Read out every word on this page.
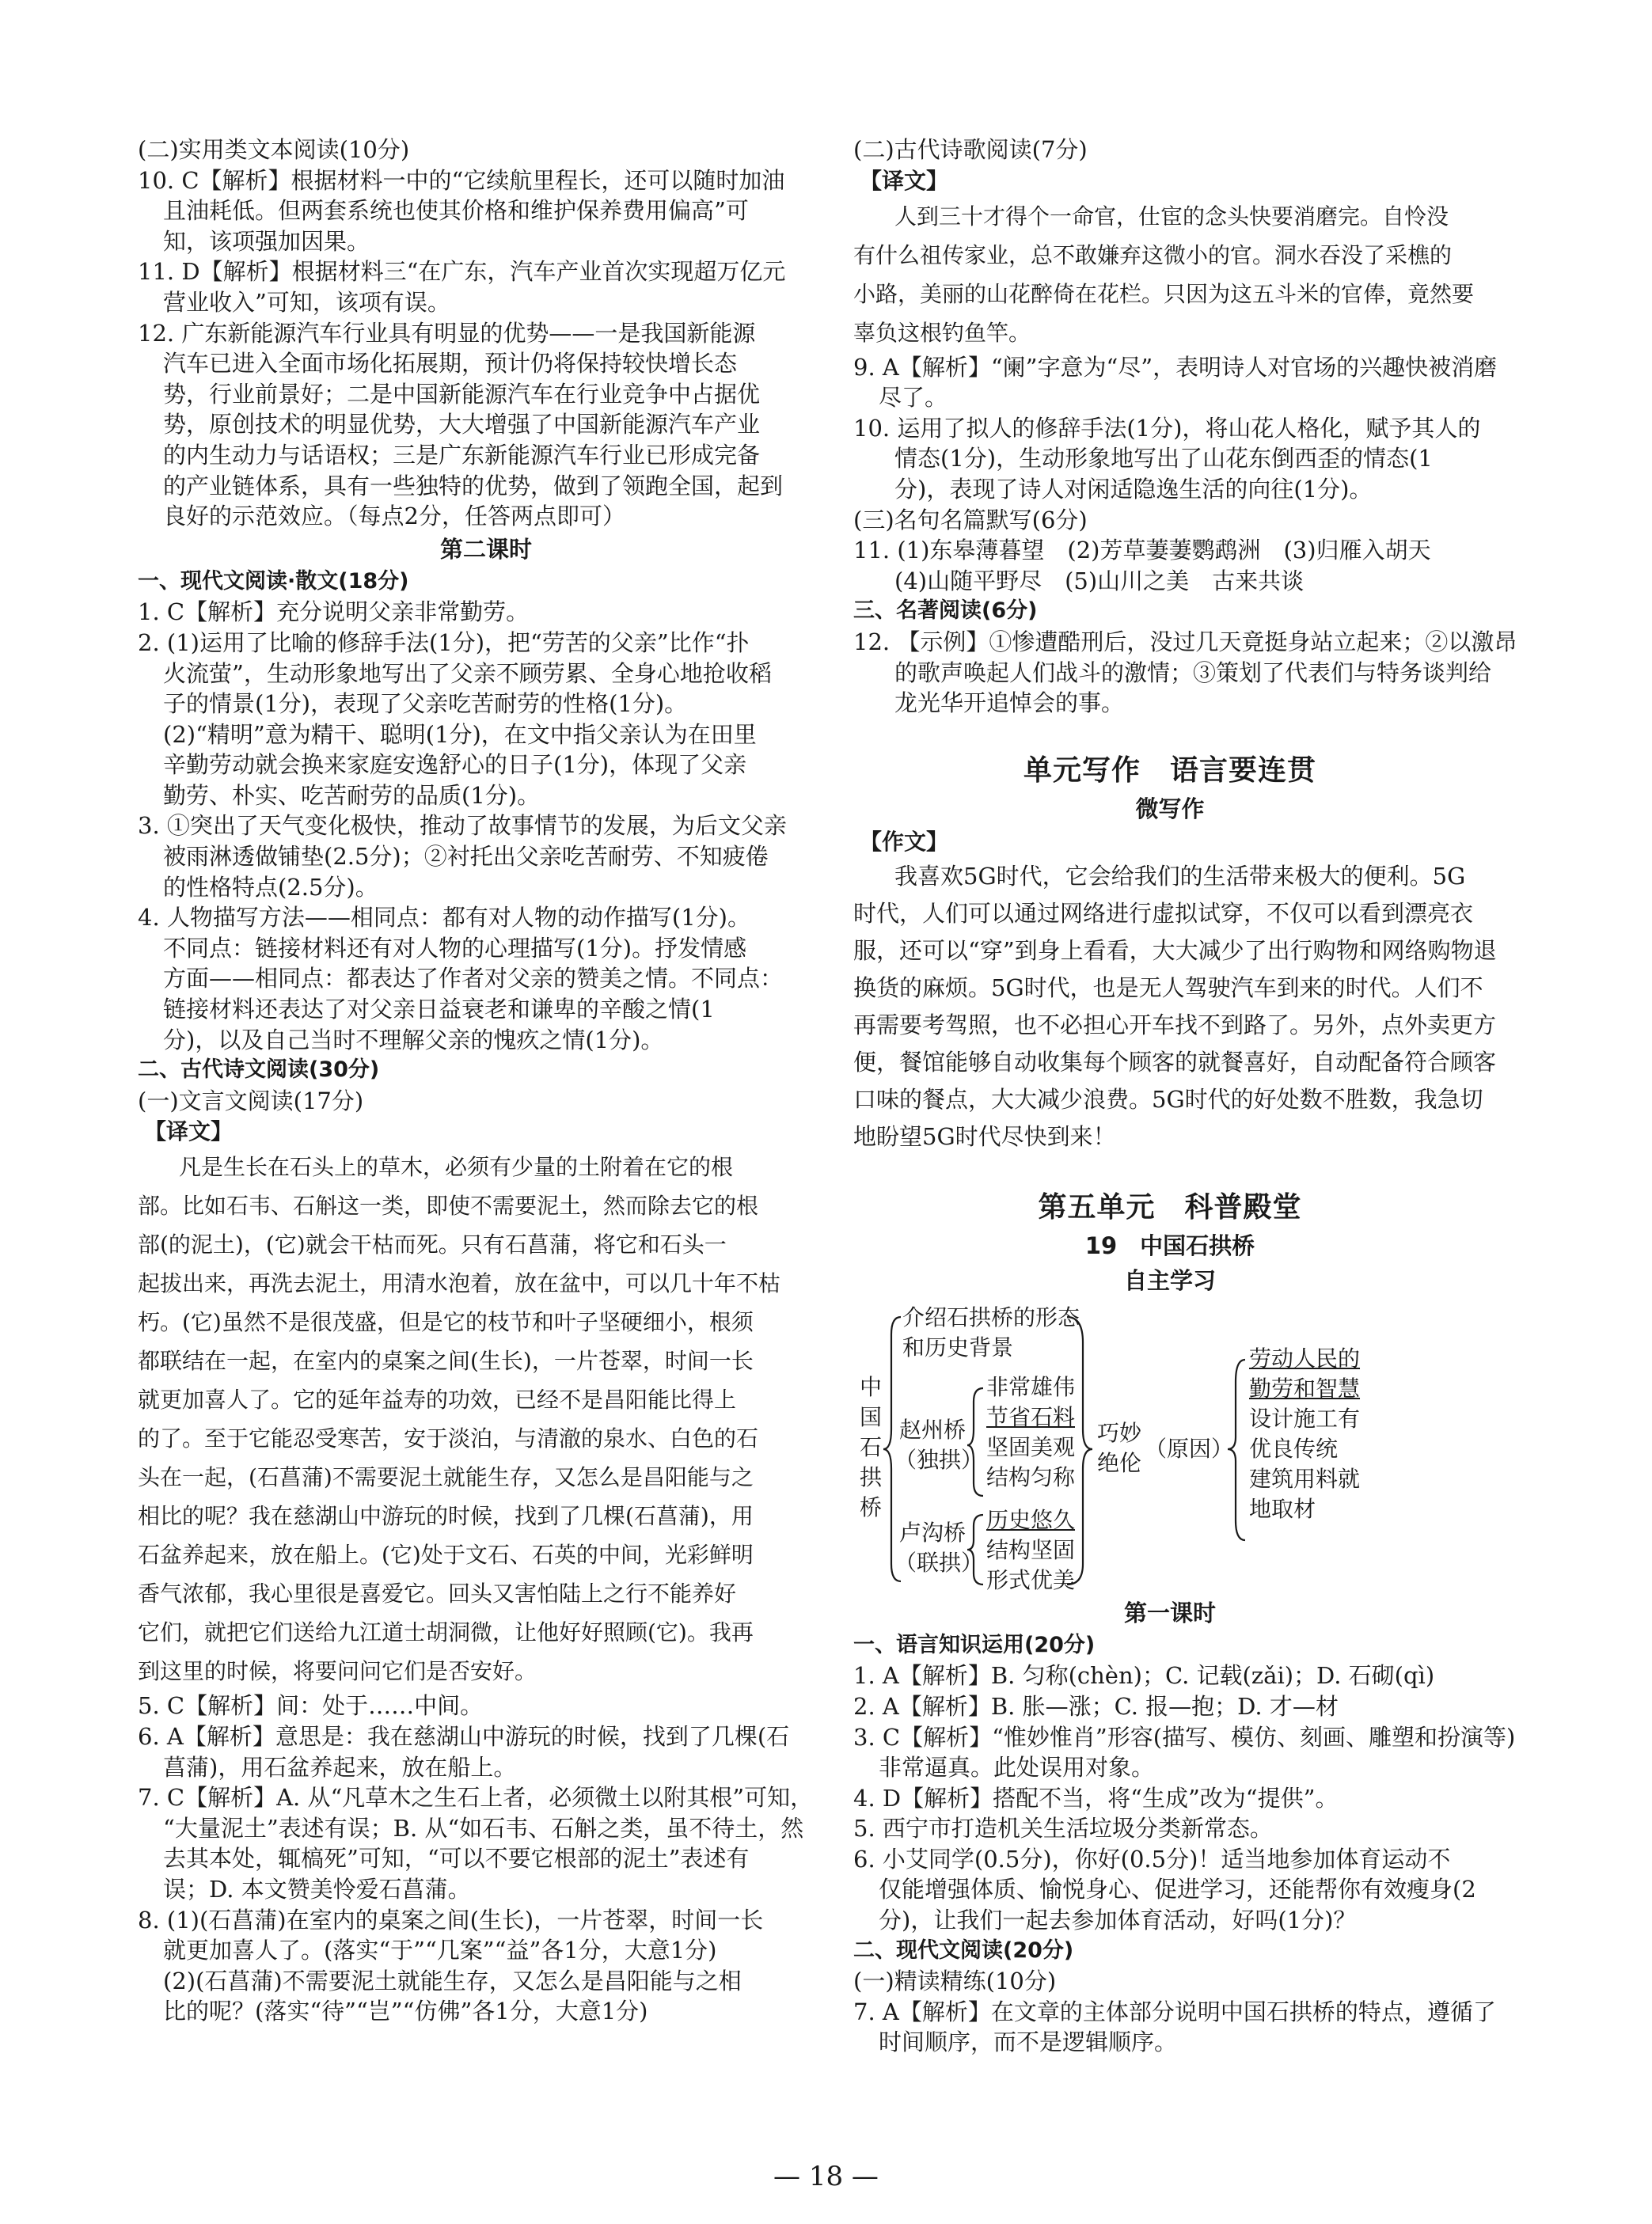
(二)实用类文本阅读(10分)
10. C【解析】根据材料一中的“它续航里程长，还可以随时加油
且油耗低。但两套系统也使其价格和维护保养费用偏高”可
知，该项强加因果。
11. D【解析】根据材料三“在广东，汽车产业首次实现超万亿元
营业收入”可知，该项有误。
12. 广东新能源汽车行业具有明显的优势——一是我国新能源
汽车已进入全面市场化拓展期，预计仍将保持较快增长态
势，行业前景好；二是中国新能源汽车在行业竞争中占据优
势，原创技术的明显优势，大大增强了中国新能源汽车产业
的内生动力与话语权；三是广东新能源汽车行业已形成完备
的产业链体系，具有一些独特的优势，做到了领跑全国，起到
良好的示范效应。（每点2分，任答两点即可）
第二课时
一、现代文阅读·散文(18分)
1. C【解析】充分说明父亲非常勤劳。
2. (1)运用了比喻的修辞手法(1分)，把“劳苦的父亲”比作“扑
火流萤”，生动形象地写出了父亲不顾劳累、全身心地抢收稻
子的情景(1分)，表现了父亲吃苦耐劳的性格(1分)。
(2)“精明”意为精干、聪明(1分)，在文中指父亲认为在田里
辛勤劳动就会换来家庭安逸舒心的日子(1分)，体现了父亲
勤劳、朴实、吃苦耐劳的品质(1分)。
3. ①突出了天气变化极快，推动了故事情节的发展，为后文父亲
被雨淋透做铺垫(2.5分)；②衬托出父亲吃苦耐劳、不知疲倦
的性格特点(2.5分)。
4. 人物描写方法——相同点：都有对人物的动作描写(1分)。
不同点：链接材料还有对人物的心理描写(1分)。抒发情感
方面——相同点：都表达了作者对父亲的赞美之情。不同点：
链接材料还表达了对父亲日益衰老和谦卑的辛酸之情(1
分)，以及自己当时不理解父亲的愧疚之情(1分)。
二、古代诗文阅读(30分)
(一)文言文阅读(17分)
【译文】
凡是生长在石头上的草木，必须有少量的土附着在它的根
部。比如石韦、石斛这一类，即使不需要泥土，然而除去它的根
部(的泥土)，(它)就会干枯而死。只有石菖蒲，将它和石头一
起拔出来，再洗去泥土，用清水泡着，放在盆中，可以几十年不枯
朽。(它)虽然不是很茂盛，但是它的枝节和叶子坚硬细小，根须
都联结在一起，在室内的桌案之间(生长)，一片苍翠，时间一长
就更加喜人了。它的延年益寿的功效，已经不是昌阳能比得上
的了。至于它能忍受寒苦，安于淡泊，与清澈的泉水、白色的石
头在一起，(石菖蒲)不需要泥土就能生存，又怎么是昌阳能与之
相比的呢？我在慈湖山中游玩的时候，找到了几棵(石菖蒲)，用
石盆养起来，放在船上。(它)处于文石、石英的中间，光彩鲜明
香气浓郁，我心里很是喜爱它。回头又害怕陆上之行不能养好
它们，就把它们送给九江道士胡洞微，让他好好照顾(它)。我再
到这里的时候，将要问问它们是否安好。
5. C【解析】间：处于……中间。
6. A【解析】意思是：我在慈湖山中游玩的时候，找到了几棵(石
菖蒲)，用石盆养起来，放在船上。
7. C【解析】A. 从“凡草木之生石上者，必须微土以附其根”可知，
“大量泥土”表述有误；B. 从“如石韦、石斛之类，虽不待土，然
去其本处，辄槁死”可知，“可以不要它根部的泥土”表述有
误；D. 本文赞美怜爱石菖蒲。
8. (1)(石菖蒲)在室内的桌案之间(生长)，一片苍翠，时间一长
就更加喜人了。(落实“于”“几案”“益”各1分，大意1分)
(2)(石菖蒲)不需要泥土就能生存，又怎么是昌阳能与之相
比的呢？(落实“待”“岂”“仿佛”各1分，大意1分)
(二)古代诗歌阅读(7分)
【译文】
人到三十才得个一命官，仕宦的念头快要消磨完。自怜没
有什么祖传家业，总不敢嫌弃这微小的官。洞水吞没了采樵的
小路，美丽的山花醉倚在花栏。只因为这五斗米的官俸，竟然要
辜负这根钓鱼竿。
9. A【解析】“阑”字意为“尽”，表明诗人对官场的兴趣快被消磨
尽了。
10. 运用了拟人的修辞手法(1分)，将山花人格化，赋予其人的
情态(1分)，生动形象地写出了山花东倒西歪的情态(1
分)，表现了诗人对闲适隐逸生活的向往(1分)。
(三)名句名篇默写(6分)
11. (1)东皋薄暮望　(2)芳草萋萋鹦鹉洲　(3)归雁入胡天
(4)山随平野尽　(5)山川之美　古来共谈
三、名著阅读(6分)
12. 【示例】①惨遭酷刑后，没过几天竟挺身站立起来；②以激昂
的歌声唤起人们战斗的激情；③策划了代表们与特务谈判给
龙光华开追悼会的事。
单元写作　语言要连贯
微写作
【作文】
我喜欢5G时代，它会给我们的生活带来极大的便利。5G
时代，人们可以通过网络进行虚拟试穿，不仅可以看到漂亮衣
服，还可以“穿”到身上看看，大大减少了出行购物和网络购物退
换货的麻烦。5G时代，也是无人驾驶汽车到来的时代。人们不
再需要考驾照，也不必担心开车找不到路了。另外，点外卖更方
便，餐馆能够自动收集每个顾客的就餐喜好，自动配备符合顾客
口味的餐点，大大减少浪费。5G时代的好处数不胜数，我急切
地盼望5G时代尽快到来！
第五单元　科普殿堂
19　中国石拱桥
自主学习
中
国
石
拱
桥
介绍石拱桥的形态
和历史背景
赵州桥
（独拱）
非常雄伟
节省石料
坚固美观
结构匀称
卢沟桥
（联拱）
历史悠久
结构坚固
形式优美
巧妙
绝伦
（原因）
劳动人民的
勤劳和智慧
设计施工有
优良传统
建筑用料就
地取材
第一课时
一、语言知识运用(20分)
1. A【解析】B. 匀称(chèn)；C. 记载(zǎi)；D. 石砌(qì)
2. A【解析】B. 胀—涨；C. 报—抱；D. 才—材
3. C【解析】“惟妙惟肖”形容(描写、模仿、刻画、雕塑和扮演等)
非常逼真。此处误用对象。
4. D【解析】搭配不当，将“生成”改为“提供”。
5. 西宁市打造机关生活垃圾分类新常态。
6. 小艾同学(0.5分)，你好(0.5分)！适当地参加体育运动不
仅能增强体质、愉悦身心、促进学习，还能帮你有效瘦身(2
分)，让我们一起去参加体育活动，好吗(1分)？
二、现代文阅读(20分)
(一)精读精练(10分)
7. A【解析】在文章的主体部分说明中国石拱桥的特点，遵循了
时间顺序，而不是逻辑顺序。
— 18 —
